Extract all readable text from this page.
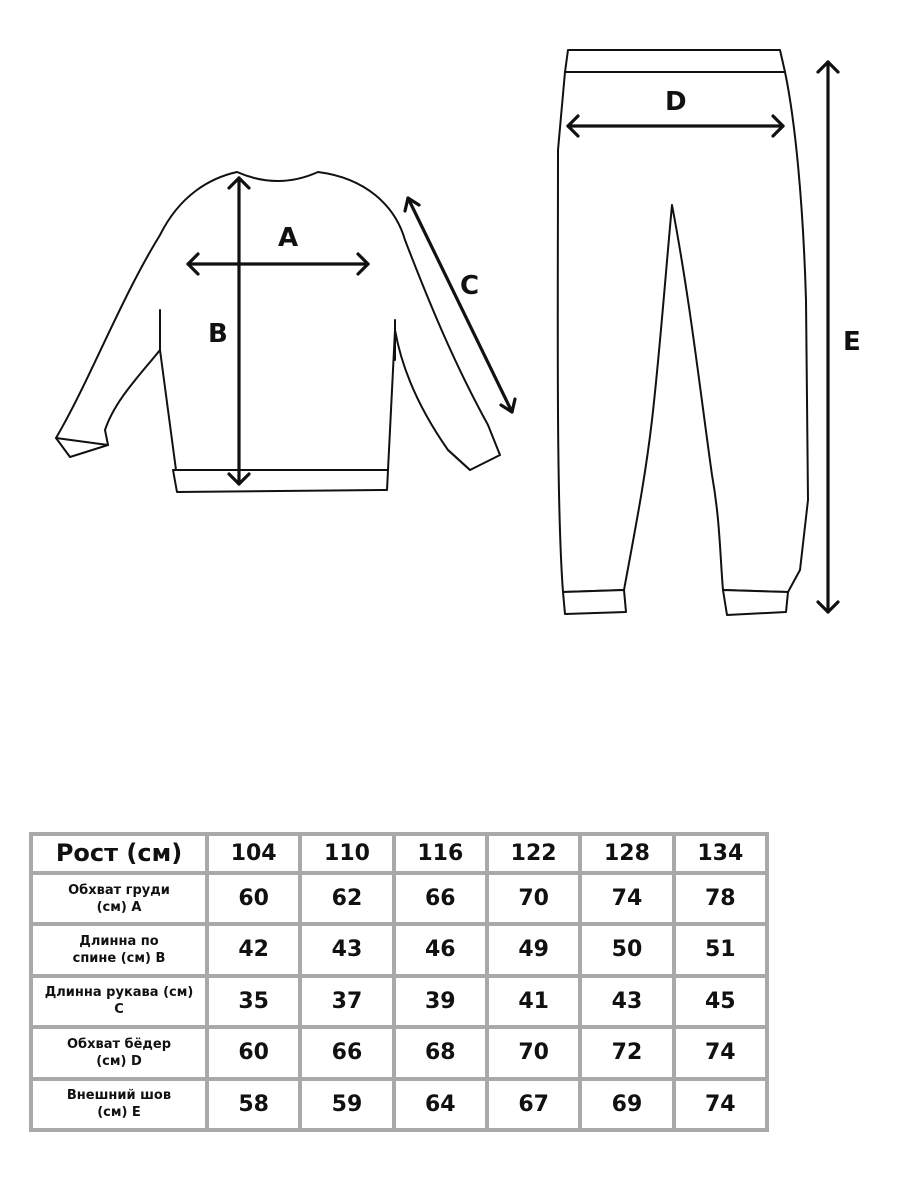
A
B
C
D
E
Рост (см)	104	110	116	122	128	134
Обхват груди
(см) А	60	62	66	70	74	78
Длинна по
спине (см) В	42	43	46	49	50	51
Длинна рукава (см)
С	35	37	39	41	43	45
Обхват бёдер
(см) D	60	66	68	70	72	74
Внешний шов
(см) E	58	59	64	67	69	74
